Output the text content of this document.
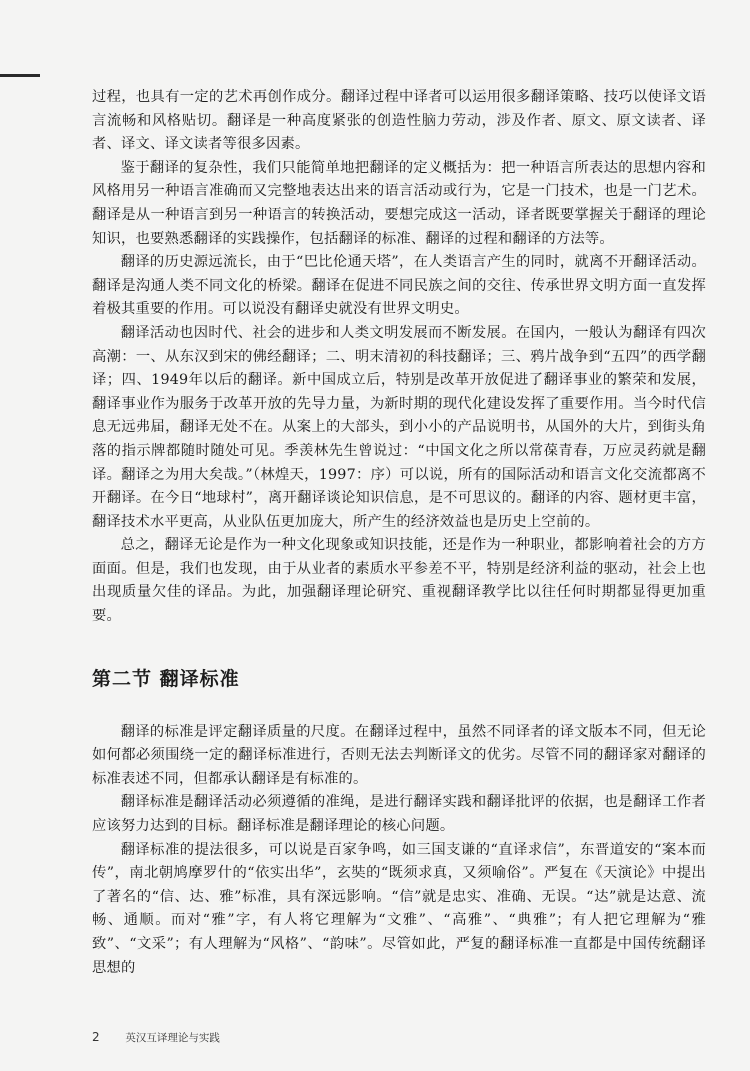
过程，也具有一定的艺术再创作成分。翻译过程中译者可以运用很多翻译策略、技巧以使译文语言流畅和风格贴切。翻译是一种高度紧张的创造性脑力劳动，涉及作者、原文、原文读者、译者、译文、译文读者等很多因素。

鉴于翻译的复杂性，我们只能简单地把翻译的定义概括为：把一种语言所表达的思想内容和风格用另一种语言准确而又完整地表达出来的语言活动或行为，它是一门技术，也是一门艺术。翻译是从一种语言到另一种语言的转换活动，要想完成这一活动，译者既要掌握关于翻译的理论知识，也要熟悉翻译的实践操作，包括翻译的标准、翻译的过程和翻译的方法等。

翻译的历史源远流长，由于“巴比伦通天塔”，在人类语言产生的同时，就离不开翻译活动。翻译是沟通人类不同文化的桥梁。翻译在促进不同民族之间的交往、传承世界文明方面一直发挥着极其重要的作用。可以说没有翻译史就没有世界文明史。

翻译活动也因时代、社会的进步和人类文明发展而不断发展。在国内，一般认为翻译有四次高潮：一、从东汉到宋的佛经翻译；二、明末清初的科技翻译；三、鸦片战争到“五四”的西学翻译；四、1949年以后的翻译。新中国成立后，特别是改革开放促进了翻译事业的繁荣和发展，翻译事业作为服务于改革开放的先导力量，为新时期的现代化建设发挥了重要作用。当今时代信息无远弗届，翻译无处不在。从案上的大部头，到小小的产品说明书，从国外的大片，到街头角落的指示牌都随时随处可见。季羡林先生曾说过：“中国文化之所以常葆青春，万应灵药就是翻译。翻译之为用大矣哉。”（林煌天，1997：序）可以说，所有的国际活动和语言文化交流都离不开翻译。在今日“地球村”，离开翻译谈论知识信息，是不可思议的。翻译的内容、题材更丰富，翻译技术水平更高，从业队伍更加庞大，所产生的经济效益也是历史上空前的。

总之，翻译无论是作为一种文化现象或知识技能，还是作为一种职业，都影响着社会的方方面面。但是，我们也发现，由于从业者的素质水平参差不平，特别是经济利益的驱动，社会上也出现质量欠佳的译品。为此，加强翻译理论研究、重视翻译教学比以往任何时期都显得更加重要。

第二节 翻译标准

翻译的标准是评定翻译质量的尺度。在翻译过程中，虽然不同译者的译文版本不同，但无论如何都必须围绕一定的翻译标准进行，否则无法去判断译文的优劣。尽管不同的翻译家对翻译的标准表述不同，但都承认翻译是有标准的。

翻译标准是翻译活动必须遵循的准绳，是进行翻译实践和翻译批评的依据，也是翻译工作者应该努力达到的目标。翻译标准是翻译理论的核心问题。

翻译标准的提法很多，可以说是百家争鸣，如三国支谦的“直译求信”，东晋道安的“案本而传”，南北朝鸠摩罗什的“依实出华”，玄奘的“既须求真，又须喻俗”。严复在《天演论》中提出了著名的“信、达、雅”标准，具有深远影响。“信”就是忠实、准确、无误。“达”就是达意、流畅、通顺。而对“雅”字，有人将它理解为“文雅”、“高雅”、“典雅”；有人把它理解为“雅致”、“文采”；有人理解为“风格”、“韵味”。尽管如此，严复的翻译标准一直都是中国传统翻译思想的

2 英汉互译理论与实践
